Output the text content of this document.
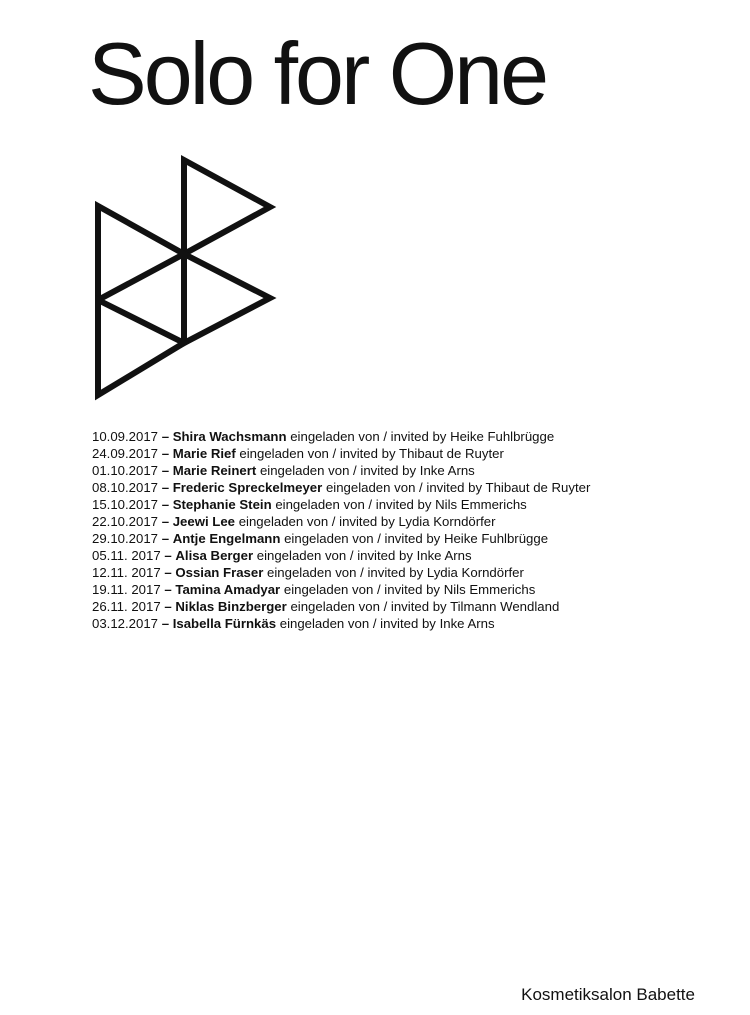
Solo for One
10.09.2017 – Shira Wachsmann eingeladen von / invited by Heike Fuhlbrügge
24.09.2017 – Marie Rief eingeladen von / invited by Thibaut de Ruyter
01.10.2017 – Marie Reinert eingeladen von / invited by Inke Arns
08.10.2017 – Frederic Spreckelmeyer eingeladen von / invited by Thibaut de Ruyter
15.10.2017 – Stephanie Stein eingeladen von / invited by Nils Emmerichs
22.10.2017 – Jeewi Lee eingeladen von / invited by Lydia Korndörfer
29.10.2017 – Antje Engelmann eingeladen von / invited by Heike Fuhlbrügge
05.11. 2017 – Alisa Berger eingeladen von / invited by Inke Arns
12.11. 2017 – Ossian Fraser eingeladen von / invited by Lydia Korndörfer
19.11. 2017 – Tamina Amadyar eingeladen von / invited by Nils Emmerichs
26.11. 2017 – Niklas Binzberger eingeladen von / invited by Tilmann Wendland
03.12.2017 – Isabella Fürnkäs eingeladen von / invited by Inke Arns

Kosmetiksalon Babette
